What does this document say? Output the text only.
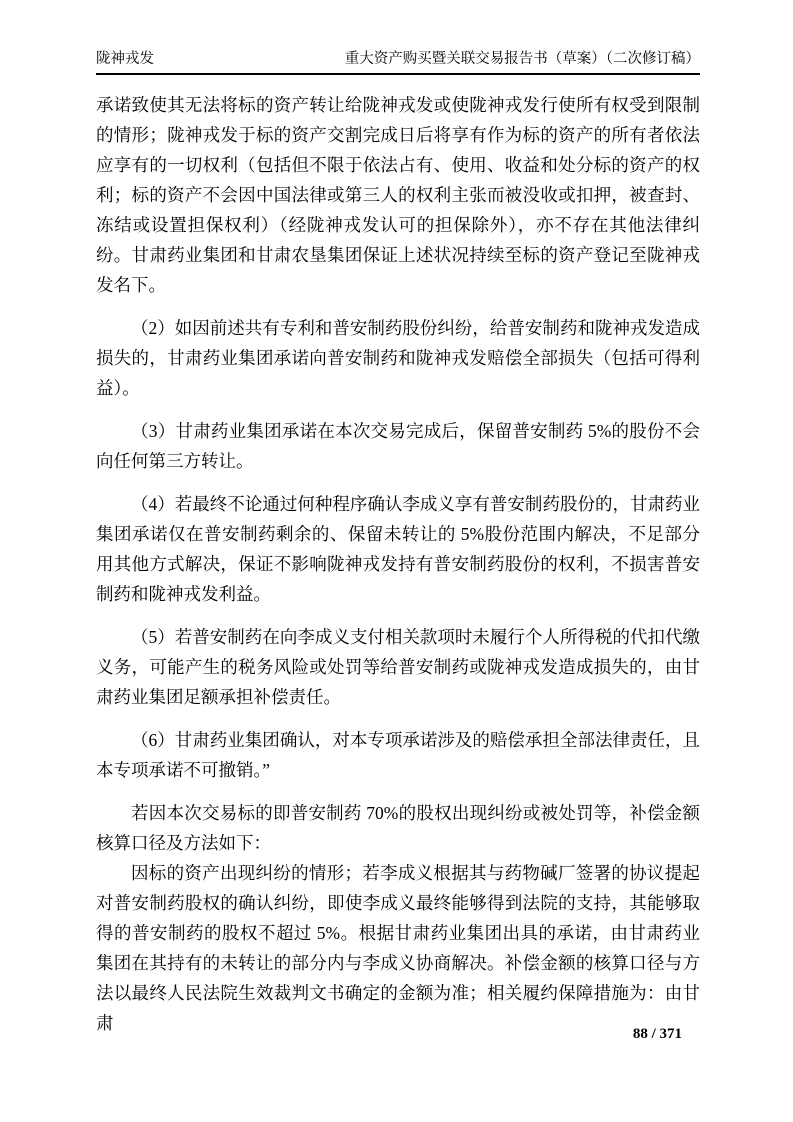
陇神戎发	重大资产购买暨关联交易报告书（草案）（二次修订稿）

承诺致使其无法将标的资产转让给陇神戎发或使陇神戎发行使所有权受到限制的情形；陇神戎发于标的资产交割完成日后将享有作为标的资产的所有者依法应享有的一切权利（包括但不限于依法占有、使用、收益和处分标的资产的权利；标的资产不会因中国法律或第三人的权利主张而被没收或扣押，被查封、冻结或设置担保权利）（经陇神戎发认可的担保除外），亦不存在其他法律纠纷。甘肃药业集团和甘肃农垦集团保证上述状况持续至标的资产登记至陇神戎发名下。

（2）如因前述共有专利和普安制药股份纠纷，给普安制药和陇神戎发造成损失的，甘肃药业集团承诺向普安制药和陇神戎发赔偿全部损失（包括可得利益）。

（3）甘肃药业集团承诺在本次交易完成后，保留普安制药 5%的股份不会向任何第三方转让。

（4）若最终不论通过何种程序确认李成义享有普安制药股份的，甘肃药业集团承诺仅在普安制药剩余的、保留未转让的 5%股份范围内解决，不足部分用其他方式解决，保证不影响陇神戎发持有普安制药股份的权利，不损害普安制药和陇神戎发利益。

（5）若普安制药在向李成义支付相关款项时未履行个人所得税的代扣代缴义务，可能产生的税务风险或处罚等给普安制药或陇神戎发造成损失的，由甘肃药业集团足额承担补偿责任。

（6）甘肃药业集团确认，对本专项承诺涉及的赔偿承担全部法律责任，且本专项承诺不可撤销。”

若因本次交易标的即普安制药 70%的股权出现纠纷或被处罚等，补偿金额核算口径及方法如下：

因标的资产出现纠纷的情形；若李成义根据其与药物碱厂签署的协议提起对普安制药股权的确认纠纷，即使李成义最终能够得到法院的支持，其能够取得的普安制药的股权不超过 5%。根据甘肃药业集团出具的承诺，由甘肃药业集团在其持有的未转让的部分内与李成义协商解决。补偿金额的核算口径与方法以最终人民法院生效裁判文书确定的金额为准；相关履约保障措施为：由甘肃

88 / 371
